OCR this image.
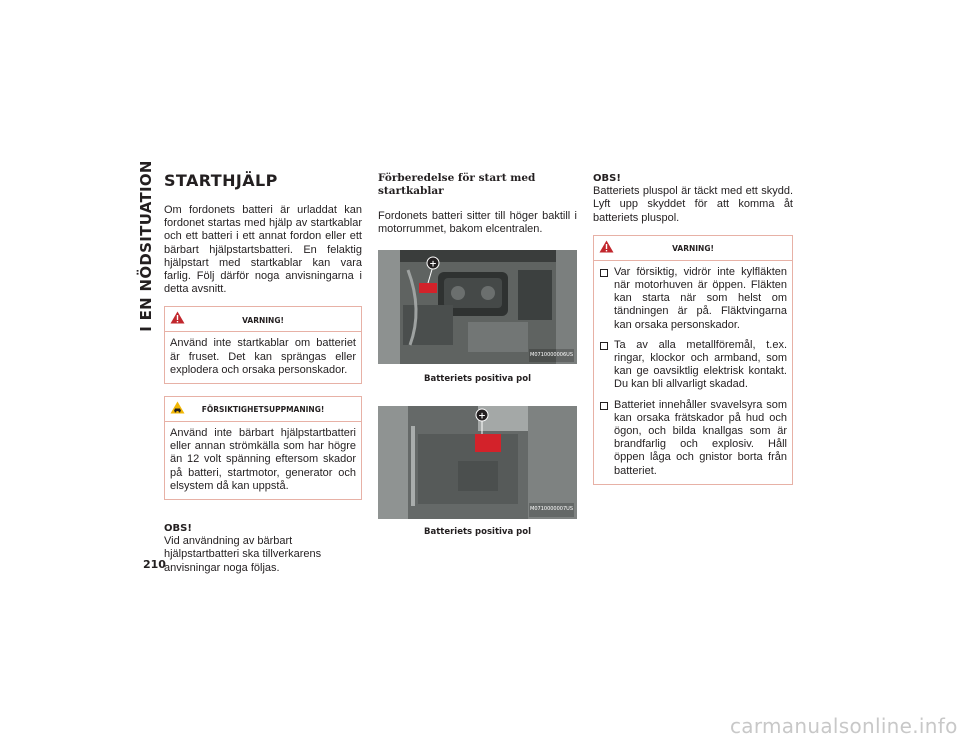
I EN NÖDSITUATION
210
STARTHJÄLP

Om fordonets batteri är urladdat kan fordonet startas med hjälp av startkablar och ett batteri i ett annat fordon eller ett bärbart hjälpstartsbatteri. En felaktig hjälpstart med startkablar kan vara farlig. Följ därför noga anvisningarna i detta avsnitt.

VARNING!

Använd inte startkablar om batteriet är fruset. Det kan sprängas eller explodera och orsaka personskador.

FÖRSIKTIGHETSUPPMANING!

Använd inte bärbart hjälpstartbatteri eller annan strömkälla som har högre än 12 volt spänning eftersom skador på batteri, startmotor, generator och elsystem då kan uppstå.

OBS!

Vid användning av bärbart hjälpstartbatteri ska tillverkarens anvisningar noga följas.

Förberedelse för start med startkablar

Fordonets batteri sitter till höger baktill i motorrummet, bakom elcentralen.

+
M0710000006US
Batteriets positiva pol
+
M0710000007US
Batteriets positiva pol
OBS!

Batteriets pluspol är täckt med ett skydd. Lyft upp skyddet för att komma åt batteriets pluspol.

VARNING!
Var försiktig, vidrör inte kylfläkten när motorhuven är öppen. Fläkten kan starta när som helst om tändningen är på. Fläktvingarna kan orsaka personskador.
Ta av alla metallföremål, t.ex. ringar, klockor och armband, som kan ge oavsiktlig elektrisk kontakt. Du kan bli allvarligt skadad.
Batteriet innehåller svavelsyra som kan orsaka frätskador på hud och ögon, och bilda knallgas som är brandfarlig och explosiv. Håll öppen låga och gnistor borta från batteriet.
carmanualsonline.info
